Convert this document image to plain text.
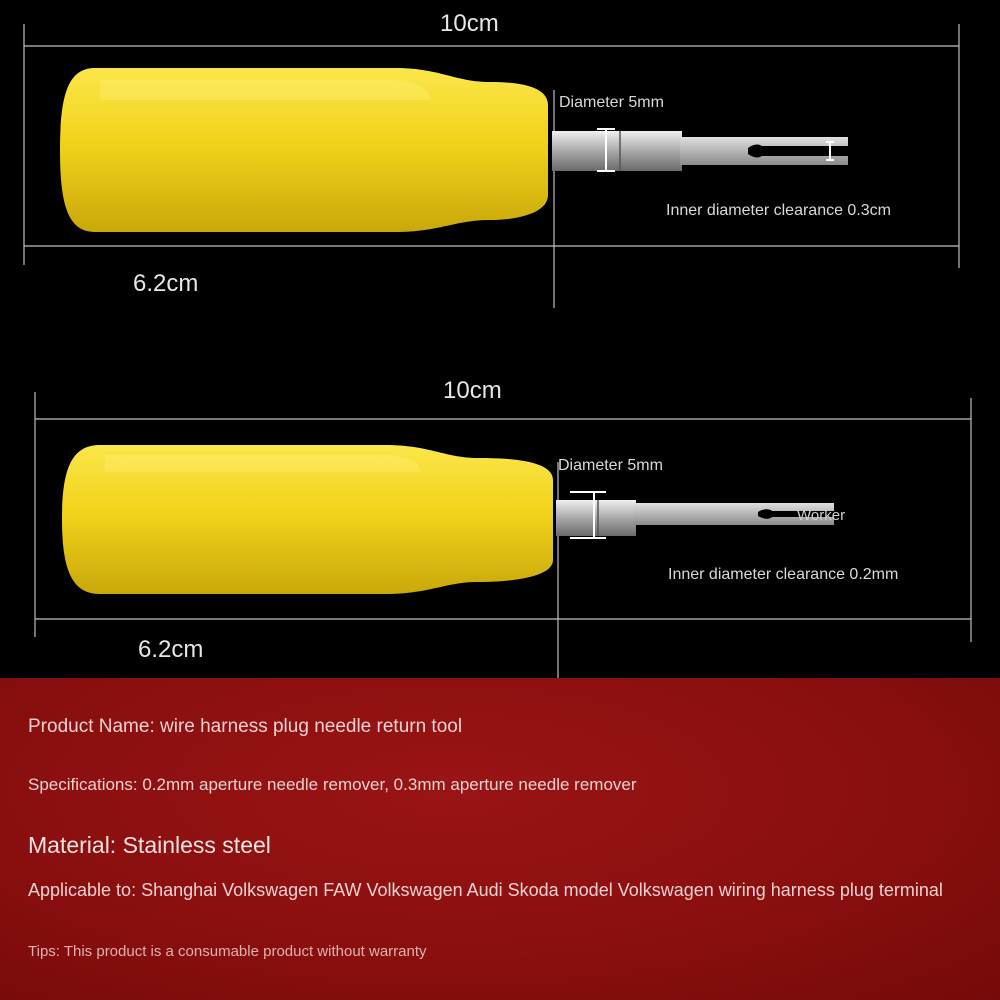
10cm
6.2cm
Diameter 5mm
Inner diameter clearance 0.3cm
10cm
6.2cm
Diameter 5mm
Worker
Inner diameter clearance 0.2mm
Product Name: wire harness plug needle return tool
Specifications: 0.2mm aperture needle remover, 0.3mm aperture needle remover
Material: Stainless steel
Applicable to: Shanghai Volkswagen FAW Volkswagen Audi Skoda model Volkswagen wiring harness plug terminal
Tips: This product is a consumable product without warranty
